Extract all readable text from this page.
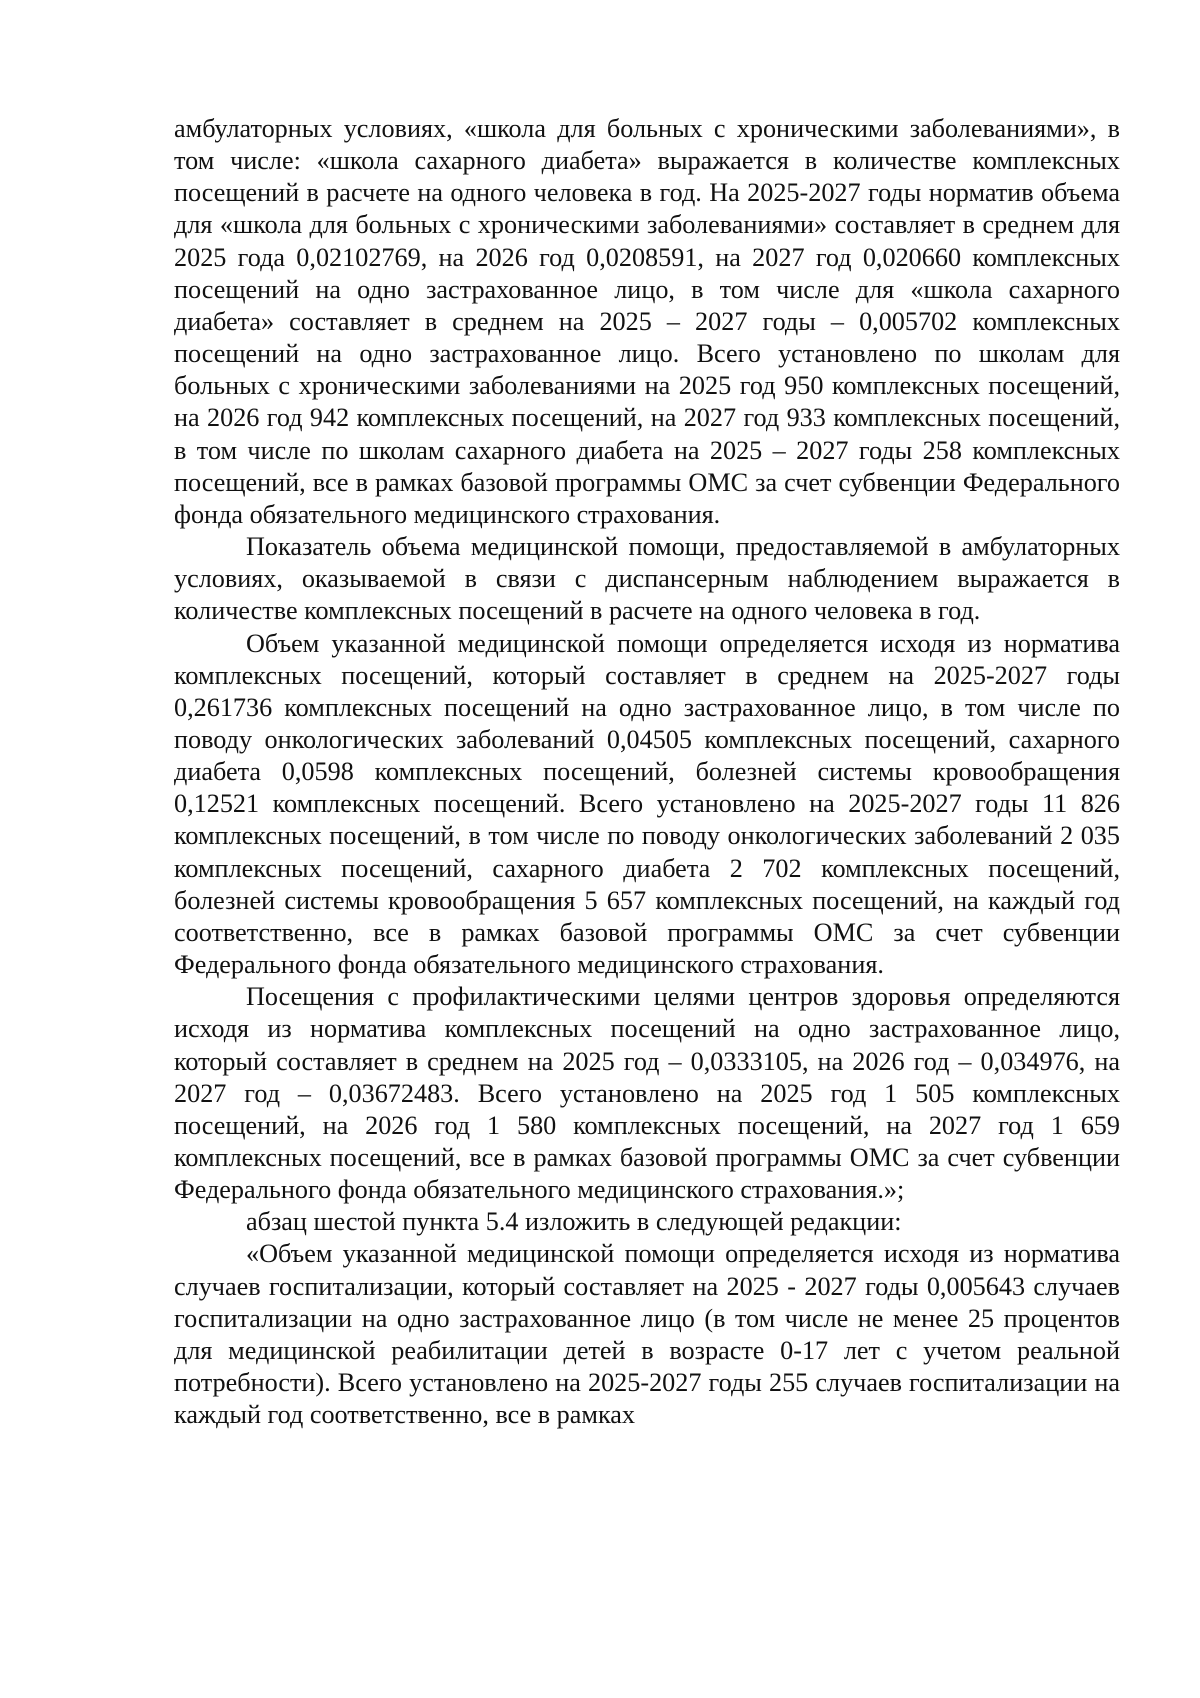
амбулаторных условиях, «школа для больных с хроническими заболеваниями», в том числе: «школа сахарного диабета» выражается в количестве комплексных посещений в расчете на одного человека в год. На 2025-2027 годы норматив объема для «школа для больных с хроническими заболеваниями» составляет в среднем для 2025 года 0,02102769, на 2026 год 0,0208591, на 2027 год 0,020660 комплексных посещений на одно застрахованное лицо, в том числе для «школа сахарного диабета» составляет в среднем на 2025 – 2027 годы – 0,005702 комплексных посещений на одно застрахованное лицо. Всего установлено по школам для больных с хроническими заболеваниями на 2025 год 950 комплексных посещений, на 2026 год 942 комплексных посещений, на 2027 год 933 комплексных посещений, в том числе по школам сахарного диабета на 2025 – 2027 годы 258 комплексных посещений, все в рамках базовой программы ОМС за счет субвенции Федерального фонда обязательного медицинского страхования.

Показатель объема медицинской помощи, предоставляемой в амбулаторных условиях, оказываемой в связи с диспансерным наблюдением выражается в количестве комплексных посещений в расчете на одного человека в год.

Объем указанной медицинской помощи определяется исходя из норматива комплексных посещений, который составляет в среднем на 2025-2027 годы 0,261736 комплексных посещений на одно застрахованное лицо, в том числе по поводу онкологических заболеваний 0,04505 комплексных посещений, сахарного диабета 0,0598 комплексных посещений, болезней системы кровообращения 0,12521 комплексных посещений. Всего установлено на 2025-2027 годы 11 826 комплексных посещений, в том числе по поводу онкологических заболеваний 2 035 комплексных посещений, сахарного диабета 2 702 комплексных посещений, болезней системы кровообращения 5 657 комплексных посещений, на каждый год соответственно, все в рамках базовой программы ОМС за счет субвенции Федерального фонда обязательного медицинского страхования.

Посещения с профилактическими целями центров здоровья определяются исходя из норматива комплексных посещений на одно застрахованное лицо, который составляет в среднем на 2025 год – 0,0333105, на 2026 год – 0,034976, на 2027 год – 0,03672483. Всего установлено на 2025 год 1 505 комплексных посещений, на 2026 год 1 580 комплексных посещений, на 2027 год 1 659 комплексных посещений, все в рамках базовой программы ОМС за счет субвенции Федерального фонда обязательного медицинского страхования.»;

абзац шестой пункта 5.4 изложить в следующей редакции:

«Объем указанной медицинской помощи определяется исходя из норматива случаев госпитализации, который составляет на 2025 - 2027 годы 0,005643 случаев госпитализации на одно застрахованное лицо (в том числе не менее 25 процентов для медицинской реабилитации детей в возрасте 0-17 лет с учетом реальной потребности). Всего установлено на 2025-2027 годы 255 случаев госпитализации на каждый год соответственно, все в рамках
